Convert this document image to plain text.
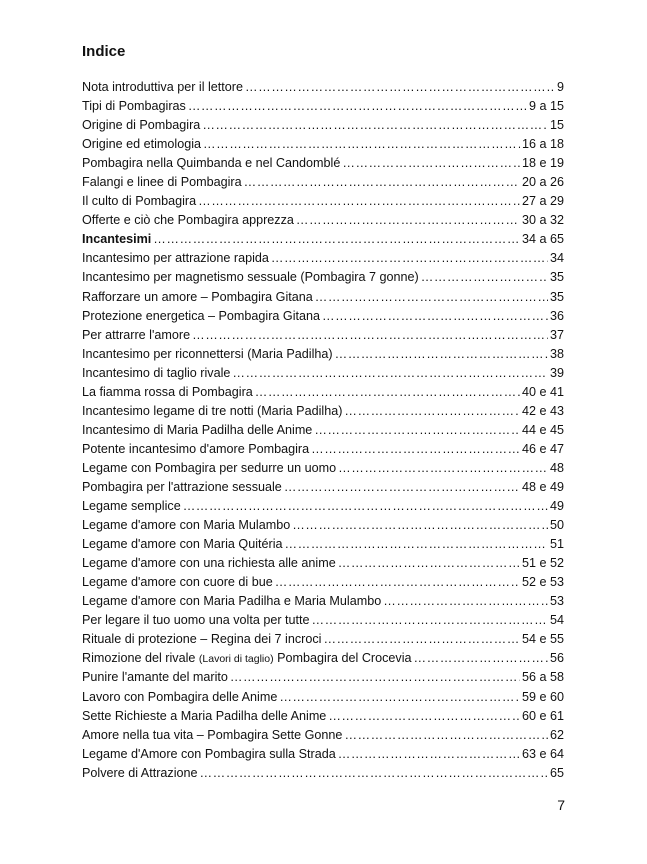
Indice
Nota introduttiva per il lettore ……………………………………………………………………………………………………………………………………	9
Tipi di Pombagiras ……………………………………………………………………………………………………………………………………	9 a 15
Origine di Pombagira ……………………………………………………………………………………………………………………………………	15
Origine ed etimologia ……………………………………………………………………………………………………………………………………	16 a 18
Pombagira nella Quimbanda e nel Candomblé ……………………………………………………………………………………………………………………………………	18 e 19
Falangi e linee di Pombagira ……………………………………………………………………………………………………………………………………	20 a 26
Il culto di Pombagira ……………………………………………………………………………………………………………………………………	27 a 29
Offerte e ciò che Pombagira apprezza ……………………………………………………………………………………………………………………………………	30 a 32
Incantesimi ……………………………………………………………………………………………………………………………………	34 a 65
Incantesimo per attrazione rapida ……………………………………………………………………………………………………………………………………	34
Incantesimo per magnetismo sessuale (Pombagira 7 gonne) ……………………………………………………………………………………………………………………………………	35
Rafforzare un amore – Pombagira Gitana ……………………………………………………………………………………………………………………………………	35
Protezione energetica – Pombagira Gitana ……………………………………………………………………………………………………………………………………	36
Per attrarre l'amore ……………………………………………………………………………………………………………………………………	37
Incantesimo per riconnettersi (Maria Padilha) ……………………………………………………………………………………………………………………………………	38
Incantesimo di taglio rivale ……………………………………………………………………………………………………………………………………	39
La fiamma rossa di Pombagira ……………………………………………………………………………………………………………………………………	40 e 41
Incantesimo legame di tre notti (Maria Padilha) ……………………………………………………………………………………………………………………………………	42 e 43
Incantesimo di Maria Padilha delle Anime ……………………………………………………………………………………………………………………………………	44 e 45
Potente incantesimo d'amore Pombagira ……………………………………………………………………………………………………………………………………	46 e 47
Legame con Pombagira per sedurre un uomo ……………………………………………………………………………………………………………………………………	48
Pombagira per l'attrazione sessuale ……………………………………………………………………………………………………………………………………	48 e 49
Legame semplice ……………………………………………………………………………………………………………………………………	49
Legame d'amore con Maria Mulambo ……………………………………………………………………………………………………………………………………	50
Legame d'amore con Maria Quitéria ……………………………………………………………………………………………………………………………………	51
Legame d'amore con una richiesta alle anime ……………………………………………………………………………………………………………………………………	51 e 52
Legame d'amore con cuore di bue ……………………………………………………………………………………………………………………………………	52 e 53
Legame d'amore con Maria Padilha e Maria Mulambo ……………………………………………………………………………………………………………………………………	53
Per legare il tuo uomo una volta per tutte ……………………………………………………………………………………………………………………………………	54
Rituale di protezione – Regina dei 7 incroci ……………………………………………………………………………………………………………………………………	54 e 55
Rimozione del rivale (Lavori di taglio) Pombagira del Crocevia ……………………………………………………………………………………………………………………………………	56
Punire l'amante del marito ……………………………………………………………………………………………………………………………………	56 a 58
Lavoro con Pombagira delle Anime ……………………………………………………………………………………………………………………………………	59 e 60
Sette Richieste a Maria Padilha delle Anime ……………………………………………………………………………………………………………………………………	60 e 61
Amore nella tua vita – Pombagira Sette Gonne ……………………………………………………………………………………………………………………………………	62
Legame d'Amore con Pombagira sulla Strada ……………………………………………………………………………………………………………………………………	63 e 64
Polvere di Attrazione ……………………………………………………………………………………………………………………………………	65
7
